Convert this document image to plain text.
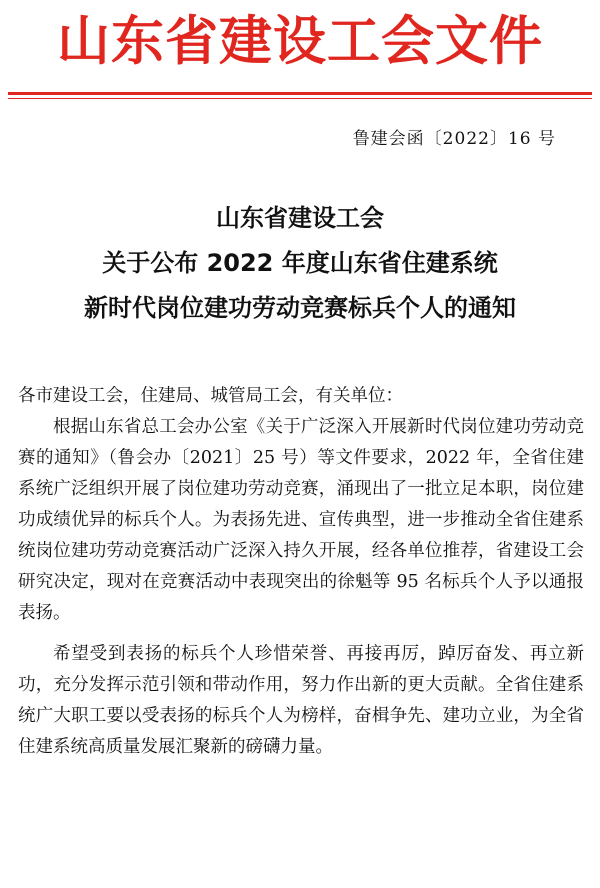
山东省建设工会文件
鲁建会函〔2022〕16 号
山东省建设工会
关于公布 2022 年度山东省住建系统
新时代岗位建功劳动竞赛标兵个人的通知

各市建设工会，住建局、城管局工会，有关单位：

根据山东省总工会办公室《关于广泛深入开展新时代岗位建功劳动竞赛的通知》（鲁会办〔2021〕25 号）等文件要求，2022 年，全省住建系统广泛组织开展了岗位建功劳动竞赛，涌现出了一批立足本职，岗位建功成绩优异的标兵个人。为表扬先进、宣传典型，进一步推动全省住建系统岗位建功劳动竞赛活动广泛深入持久开展，经各单位推荐，省建设工会研究决定，现对在竞赛活动中表现突出的徐魁等 95 名标兵个人予以通报表扬。

希望受到表扬的标兵个人珍惜荣誉、再接再厉，踔厉奋发、再立新功，充分发挥示范引领和带动作用，努力作出新的更大贡献。全省住建系统广大职工要以受表扬的标兵个人为榜样，奋楫争先、建功立业，为全省住建系统高质量发展汇聚新的磅礴力量。
